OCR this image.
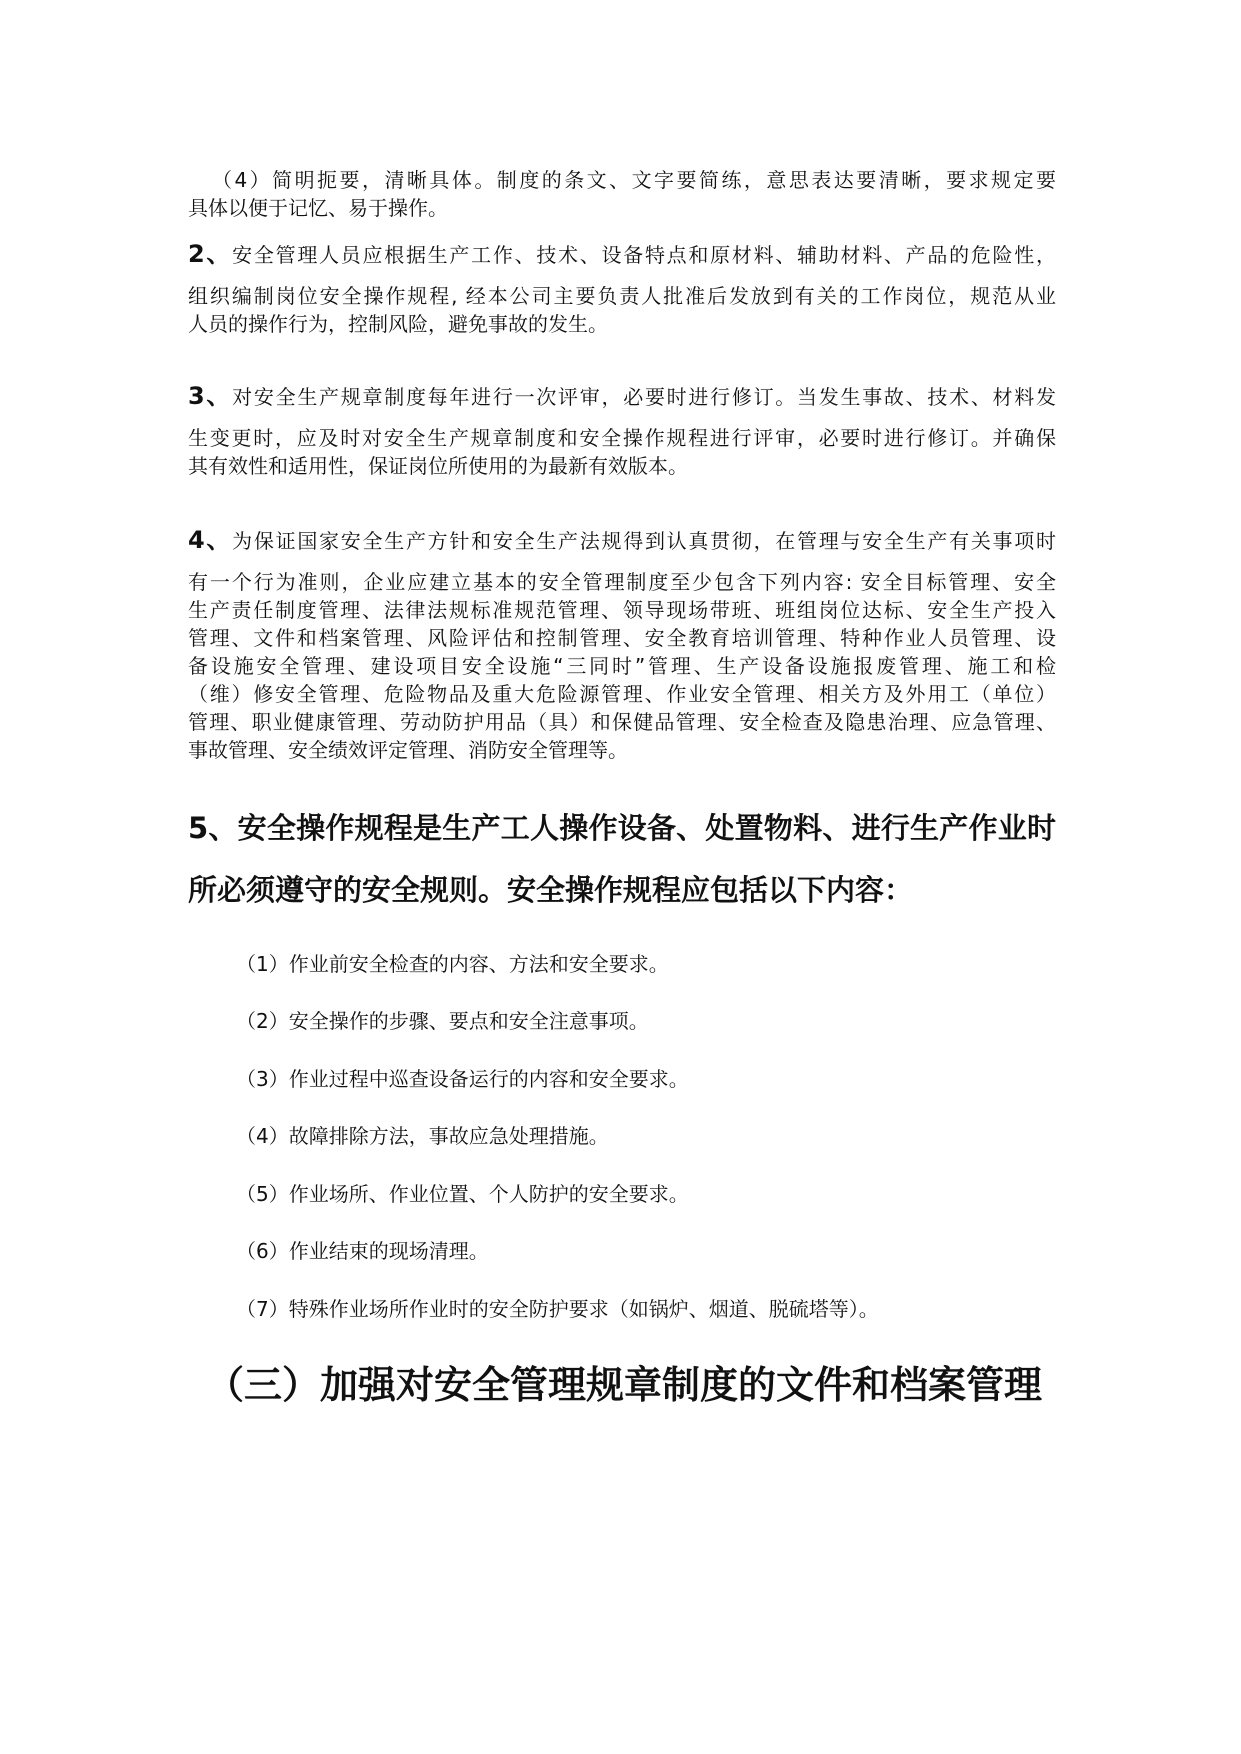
（4）简明扼要，清晰具体。制度的条文、文字要简练，意思表达要清晰，要求规定要
具体以便于记忆、易于操作。
2、安全管理人员应根据生产工作、技术、设备特点和原材料、辅助材料、产品的危险性，
组织编制岗位安全操作规程, 经本公司主要负责人批准后发放到有关的工作岗位，规范从业
人员的操作行为，控制风险，避免事故的发生。
3、对安全生产规章制度每年进行一次评审，必要时进行修订。当发生事故、技术、材料发
生变更时，应及时对安全生产规章制度和安全操作规程进行评审，必要时进行修订。并确保
其有效性和适用性，保证岗位所使用的为最新有效版本。
4、为保证国家安全生产方针和安全生产法规得到认真贯彻，在管理与安全生产有关事项时
有一个行为准则，企业应建立基本的安全管理制度至少包含下列内容: 安全目标管理、安全
生产责任制度管理、法律法规标准规范管理、领导现场带班、班组岗位达标、安全生产投入
管理、文件和档案管理、风险评估和控制管理、安全教育培训管理、特种作业人员管理、设
备设施安全管理、建设项目安全设施“三同时”管理、生产设备设施报废管理、施工和检
（维）修安全管理、危险物品及重大危险源管理、作业安全管理、相关方及外用工（单位）
管理、职业健康管理、劳动防护用品（具）和保健品管理、安全检查及隐患治理、应急管理、
事故管理、安全绩效评定管理、消防安全管理等。
5、安全操作规程是生产工人操作设备、处置物料、进行生产作业时
所必须遵守的安全规则。安全操作规程应包括以下内容：
（1）作业前安全检查的内容、方法和安全要求。
（2）安全操作的步骤、要点和安全注意事项。
（3）作业过程中巡查设备运行的内容和安全要求。
（4）故障排除方法，事故应急处理措施。
（5）作业场所、作业位置、个人防护的安全要求。
（6）作业结束的现场清理。
（7）特殊作业场所作业时的安全防护要求（如锅炉、烟道、脱硫塔等）。
（三）加强对安全管理规章制度的文件和档案管理
